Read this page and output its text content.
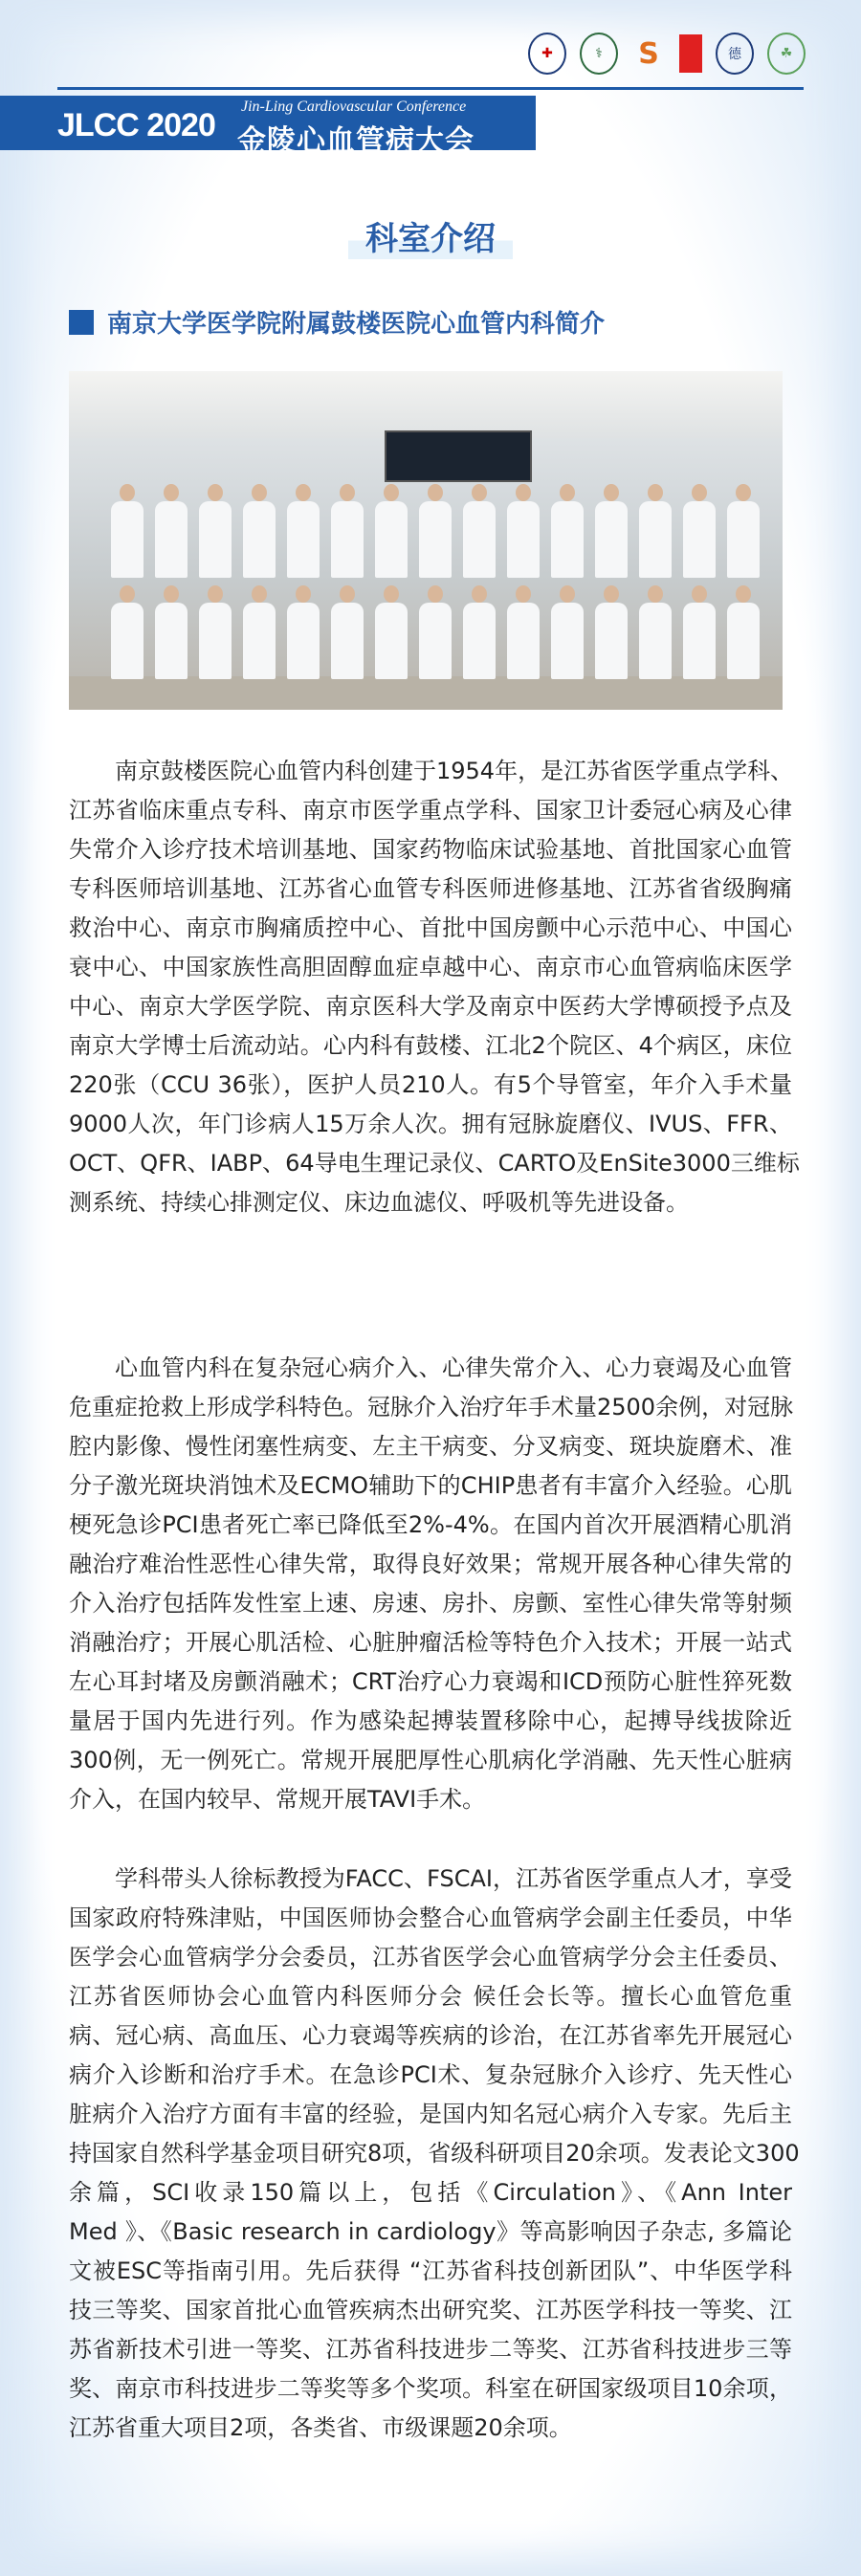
✚	⚕	S	德	☘
JLCC 2020
Jin-Ling Cardiovascular Conference
金陵心血管病大会
科室介绍
南京大学医学院附属鼓楼医院心血管内科简介
南京鼓楼医院心血管内科创建于1954年，是江苏省医学重点学科、
江苏省临床重点专科、南京市医学重点学科、国家卫计委冠心病及心律
失常介入诊疗技术培训基地、国家药物临床试验基地、首批国家心血管
专科医师培训基地、江苏省心血管专科医师进修基地、江苏省省级胸痛
救治中心、南京市胸痛质控中心、首批中国房颤中心示范中心、中国心
衰中心、中国家族性高胆固醇血症卓越中心、南京市心血管病临床医学
中心、南京大学医学院、南京医科大学及南京中医药大学博硕授予点及
南京大学博士后流动站。心内科有鼓楼、江北2个院区、4个病区，床位
220张（CCU 36张），医护人员210人。有5个导管室，年介入手术量
9000人次，年门诊病人15万余人次。拥有冠脉旋磨仪、IVUS、FFR、
OCT、QFR、IABP、64导电生理记录仪、CARTO及EnSite3000三维标
测系统、持续心排测定仪、床边血滤仪、呼吸机等先进设备。
心血管内科在复杂冠心病介入、心律失常介入、心力衰竭及心血管
危重症抢救上形成学科特色。冠脉介入治疗年手术量2500余例，对冠脉
腔内影像、慢性闭塞性病变、左主干病变、分叉病变、斑块旋磨术、准
分子激光斑块消蚀术及ECMO辅助下的CHIP患者有丰富介入经验。心肌
梗死急诊PCI患者死亡率已降低至2%-4%。在国内首次开展酒精心肌消
融治疗难治性恶性心律失常，取得良好效果；常规开展各种心律失常的
介入治疗包括阵发性室上速、房速、房扑、房颤、室性心律失常等射频
消融治疗；开展心肌活检、心脏肿瘤活检等特色介入技术；开展一站式
左心耳封堵及房颤消融术；CRT治疗心力衰竭和ICD预防心脏性猝死数
量居于国内先进行列。作为感染起搏装置移除中心，起搏导线拔除近
300例，无一例死亡。常规开展肥厚性心肌病化学消融、先天性心脏病
介入，在国内较早、常规开展TAVI手术。
学科带头人徐标教授为FACC、FSCAI，江苏省医学重点人才，享受
国家政府特殊津贴，中国医师协会整合心血管病学会副主任委员，中华
医学会心血管病学分会委员，江苏省医学会心血管病学分会主任委员、
江苏省医师协会心血管内科医师分会 候任会长等。擅长心血管危重
病、冠心病、高血压、心力衰竭等疾病的诊治，在江苏省率先开展冠心
病介入诊断和治疗手术。在急诊PCI术、复杂冠脉介入诊疗、先天性心
脏病介入治疗方面有丰富的经验，是国内知名冠心病介入专家。先后主
持国家自然科学基金项目研究8项，省级科研项目20余项。发表论文300
余篇，SCI收录150篇以上，包括《Circulation》、《Ann Inter
Med 》、《Basic research in cardiology》等高影响因子杂志, 多篇论
文被ESC等指南引用。先后获得 “江苏省科技创新团队”、中华医学科
技三等奖、国家首批心血管疾病杰出研究奖、江苏医学科技一等奖、江
苏省新技术引进一等奖、江苏省科技进步二等奖、江苏省科技进步三等
奖、南京市科技进步二等奖等多个奖项。科室在研国家级项目10余项，
江苏省重大项目2项，各类省、市级课题20余项。
